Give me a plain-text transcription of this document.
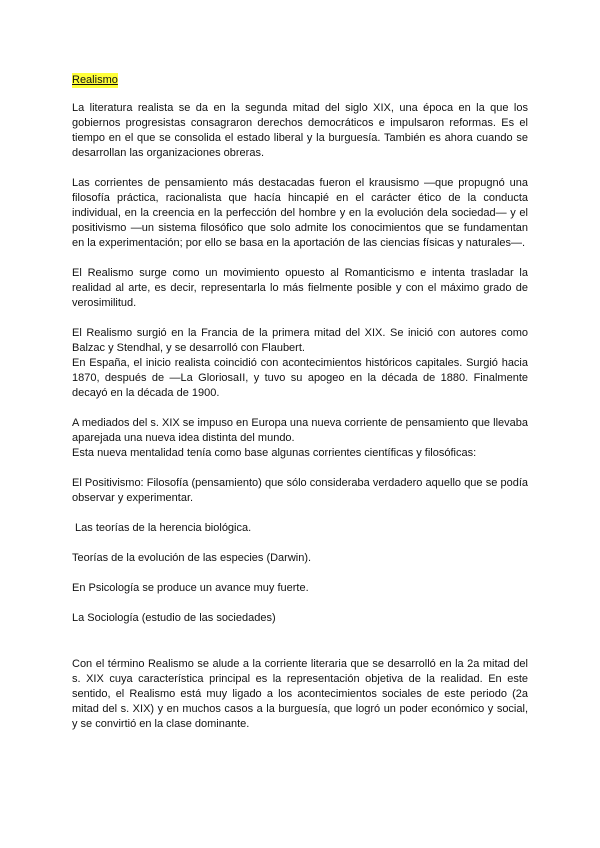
Realismo

La literatura realista se da en la segunda mitad del siglo XIX, una época en la que los gobiernos progresistas consagraron derechos democráticos e impulsaron reformas. Es el tiempo en el que se consolida el estado liberal y la burguesía. También es ahora cuando se desarrollan las organizaciones obreras.

Las corrientes de pensamiento más destacadas fueron el krausismo —que propugnó una filosofía práctica, racionalista que hacía hincapié en el carácter ético de la conducta individual, en la creencia en la perfección del hombre y en la evolución dela sociedad— y el positivismo —un sistema filosófico que solo admite los conocimientos que se fundamentan en la experimentación; por ello se basa en la aportación de las ciencias físicas y naturales—.

El Realismo surge como un movimiento opuesto al Romanticismo e intenta trasladar la realidad al arte, es decir, representarla lo más fielmente posible y con el máximo grado de verosimilitud.

El Realismo surgió en la Francia de la primera mitad del XIX. Se inició con autores como Balzac y Stendhal, y se desarrolló con Flaubert.

En España, el inicio realista coincidió con acontecimientos históricos capitales. Surgió hacia 1870, después de —La GloriosaII, y tuvo su apogeo en la década de 1880. Finalmente decayó en la década de 1900.

A mediados del s. XIX se impuso en Europa una nueva corriente de pensamiento que llevaba aparejada una nueva idea distinta del mundo.

Esta nueva mentalidad tenía como base algunas corrientes científicas y filosóficas:

El Positivismo: Filosofía (pensamiento) que sólo consideraba verdadero aquello que se podía observar y experimentar.

Las teorías de la herencia biológica.

Teorías de la evolución de las especies (Darwin).

En Psicología se produce un avance muy fuerte.

La Sociología (estudio de las sociedades)

Con el término Realismo se alude a la corriente literaria que se desarrolló en la 2a mitad del s. XIX cuya característica principal es la representación objetiva de la realidad. En este sentido, el Realismo está muy ligado a los acontecimientos sociales de este periodo (2a mitad del s. XIX) y en muchos casos a la burguesía, que logró un poder económico y social, y se convirtió en la clase dominante.
